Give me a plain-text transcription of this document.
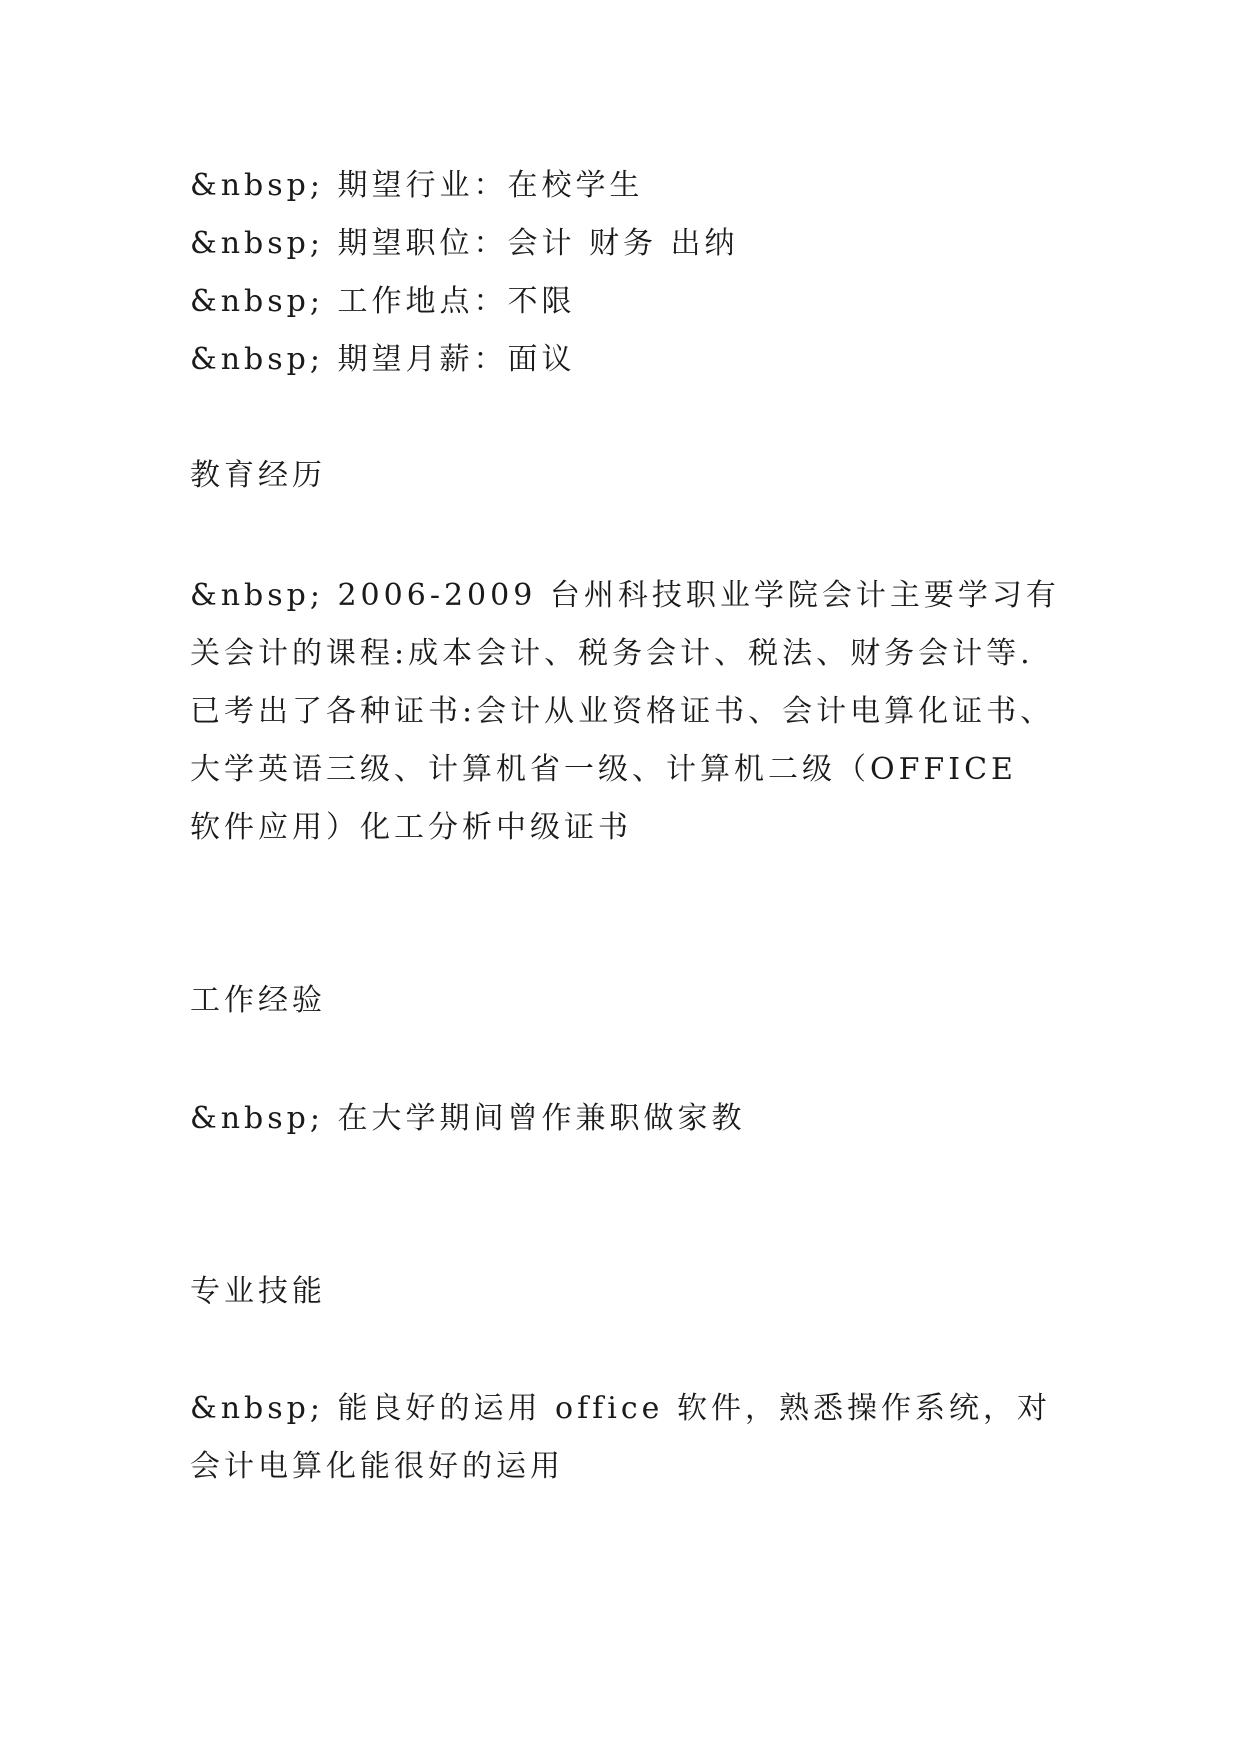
&nbsp; 期望行业：在校学生
&nbsp; 期望职位：会计 财务 出纳
&nbsp; 工作地点：不限
&nbsp; 期望月薪：面议
教育经历
&nbsp; 2006-2009 台州科技职业学院会计主要学习有关会计的课程:成本会计、税务会计、税法、财务会计等.已考出了各种证书:会计从业资格证书、会计电算化证书、大学英语三级、计算机省一级、计算机二级（OFFICE 软件应用）化工分析中级证书
工作经验
&nbsp; 在大学期间曾作兼职做家教
专业技能
&nbsp; 能良好的运用 office 软件，熟悉操作系统，对会计电算化能很好的运用
